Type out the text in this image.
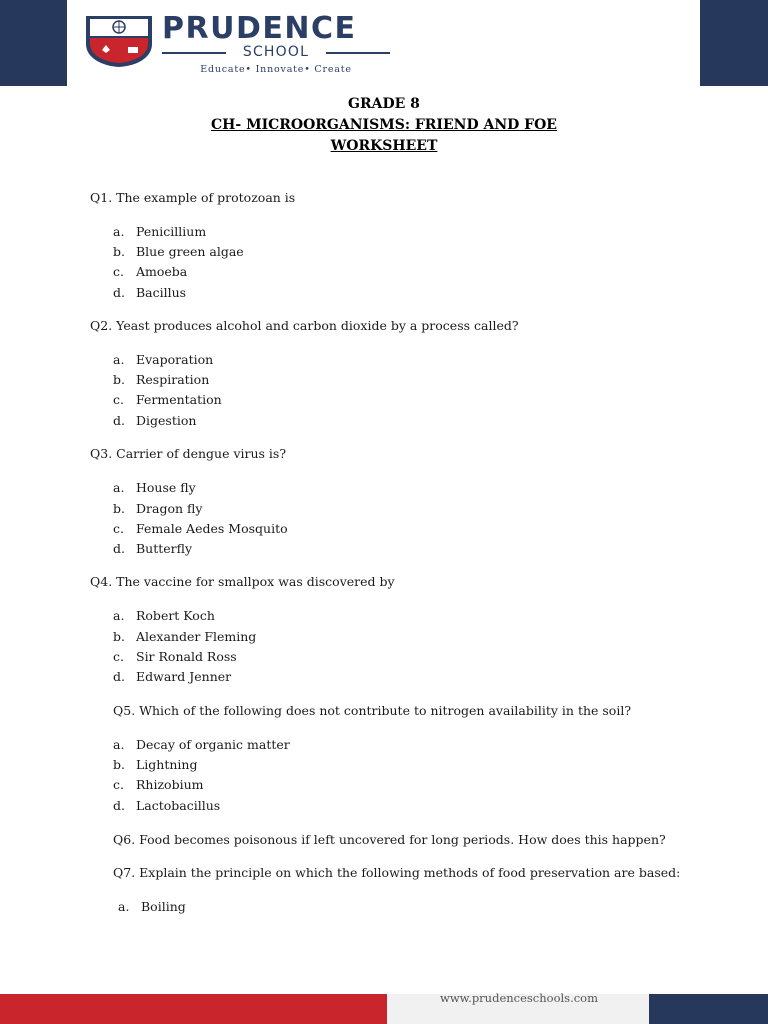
PRUDENCE
SCHOOL
Educate• Innovate• Create
GRADE 8
CH- MICROORGANISMS: FRIEND AND FOE
WORKSHEET
Q1. The example of protozoan is
a. Penicillium
b. Blue green algae
c. Amoeba
d. Bacillus
Q2. Yeast produces alcohol and carbon dioxide by a process called?
a. Evaporation
b. Respiration
c. Fermentation
d. Digestion
Q3. Carrier of dengue virus is?
a. House fly
b. Dragon fly
c. Female Aedes Mosquito
d. Butterfly
Q4. The vaccine for smallpox was discovered by
a. Robert Koch
b. Alexander Fleming
c. Sir Ronald Ross
d. Edward Jenner
Q5. Which of the following does not contribute to nitrogen availability in the soil?
a. Decay of organic matter
b. Lightning
c. Rhizobium
d. Lactobacillus
Q6. Food becomes poisonous if left uncovered for long periods. How does this happen?
Q7. Explain the principle on which the following methods of food preservation are based:
a. Boiling
www.prudenceschools.com
